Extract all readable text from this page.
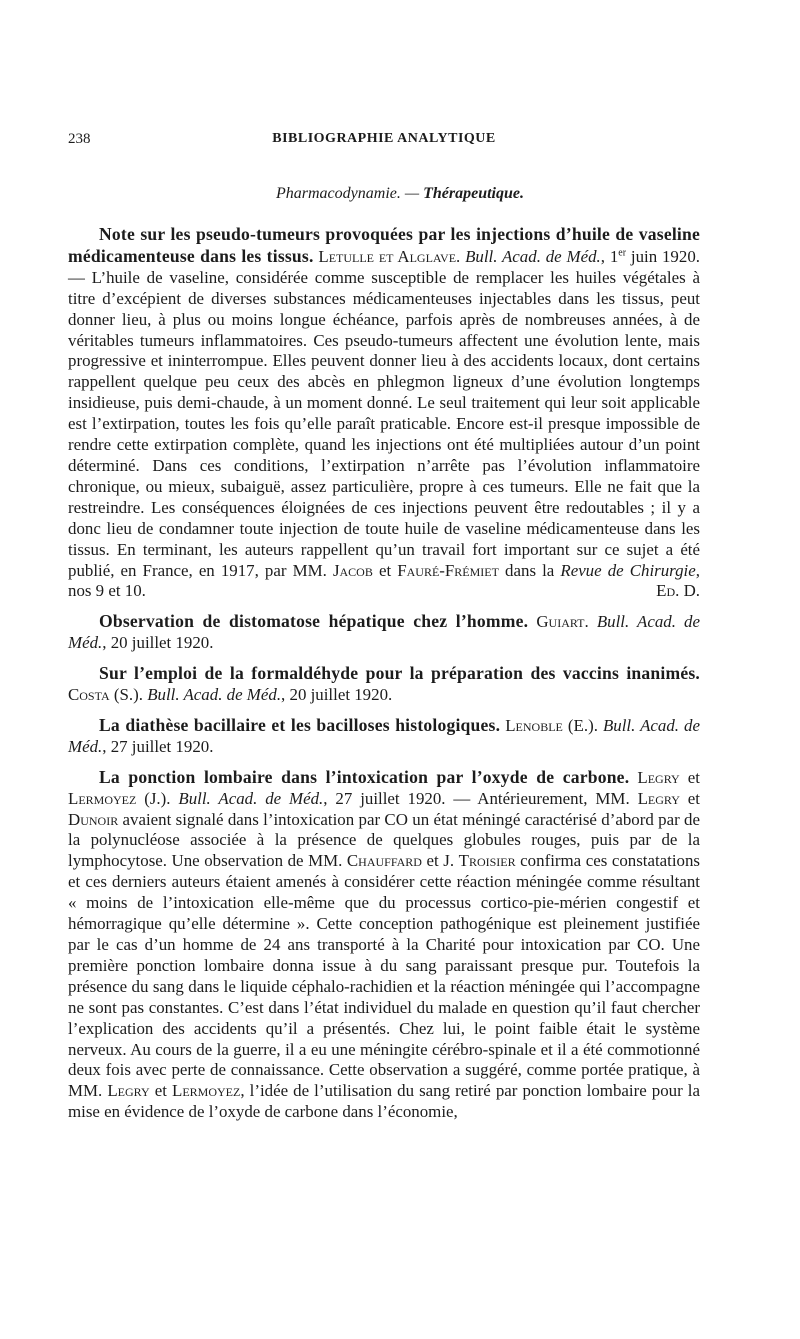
238	BIBLIOGRAPHIE ANALYTIQUE
Pharmacodynamie. — Thérapeutique.

Note sur les pseudo-tumeurs provoquées par les injections d’huile de vaseline médicamenteuse dans les tissus. Letulle et Alglave. Bull. Acad. de Méd., 1er juin 1920. — L’huile de vaseline, considérée comme susceptible de remplacer les huiles végétales à titre d’excépient de diverses substances médicamenteuses injectables dans les tissus, peut donner lieu, à plus ou moins longue échéance, parfois après de nombreuses années, à de véritables tumeurs inflammatoires. Ces pseudo-tumeurs affectent une évolution lente, mais progressive et ininterrompue. Elles peuvent donner lieu à des accidents locaux, dont certains rappellent quelque peu ceux des abcès en phlegmon ligneux d’une évolution longtemps insidieuse, puis demi-chaude, à un moment donné. Le seul traitement qui leur soit applicable est l’extirpation, toutes les fois qu’elle paraît praticable. Encore est-il presque impossible de rendre cette extirpation complète, quand les injections ont été multipliées autour d’un point déterminé. Dans ces conditions, l’extirpation n’arrête pas l’évolution inflammatoire chronique, ou mieux, subaiguë, assez particulière, propre à ces tumeurs. Elle ne fait que la restreindre. Les conséquences éloignées de ces injections peuvent être redoutables ; il y a donc lieu de condamner toute injection de toute huile de vaseline médicamenteuse dans les tissus. En terminant, les auteurs rappellent qu’un travail fort important sur ce sujet a été publié, en France, en 1917, par MM. Jacob et Fauré-Frémiet dans la Revue de Chirurgie, nos 9 et 10.	Ed. D.

Observation de distomatose hépatique chez l’homme. Guiart. Bull. Acad. de Méd., 20 juillet 1920.

Sur l’emploi de la formaldéhyde pour la préparation des vaccins inanimés. Costa (S.). Bull. Acad. de Méd., 20 juillet 1920.

La diathèse bacillaire et les bacilloses histologiques. Lenoble (E.). Bull. Acad. de Méd., 27 juillet 1920.

La ponction lombaire dans l’intoxication par l’oxyde de carbone. Legry et Lermoyez (J.). Bull. Acad. de Méd., 27 juillet 1920. — Antérieurement, MM. Legry et Dunoir avaient signalé dans l’intoxication par CO un état méningé caractérisé d’abord par de la polynucléose associée à la présence de quelques globules rouges, puis par de la lymphocytose. Une observation de MM. Chauffard et J. Troisier confirma ces constatations et ces derniers auteurs étaient amenés à considérer cette réaction méningée comme résultant « moins de l’intoxication elle-même que du processus cortico-pie-mérien congestif et hémorragique qu’elle détermine ». Cette conception pathogénique est pleinement justifiée par le cas d’un homme de 24 ans transporté à la Charité pour intoxication par CO. Une première ponction lombaire donna issue à du sang paraissant presque pur. Toutefois la présence du sang dans le liquide céphalo-rachidien et la réaction méningée qui l’accompagne ne sont pas constantes. C’est dans l’état individuel du malade en question qu’il faut chercher l’explication des accidents qu’il a présentés. Chez lui, le point faible était le système nerveux. Au cours de la guerre, il a eu une méningite cérébro-spinale et il a été commotionné deux fois avec perte de connaissance. Cette observation a suggéré, comme portée pratique, à MM. Legry et Lermoyez, l’idée de l’utilisation du sang retiré par ponction lombaire pour la mise en évidence de l’oxyde de carbone dans l’économie,
